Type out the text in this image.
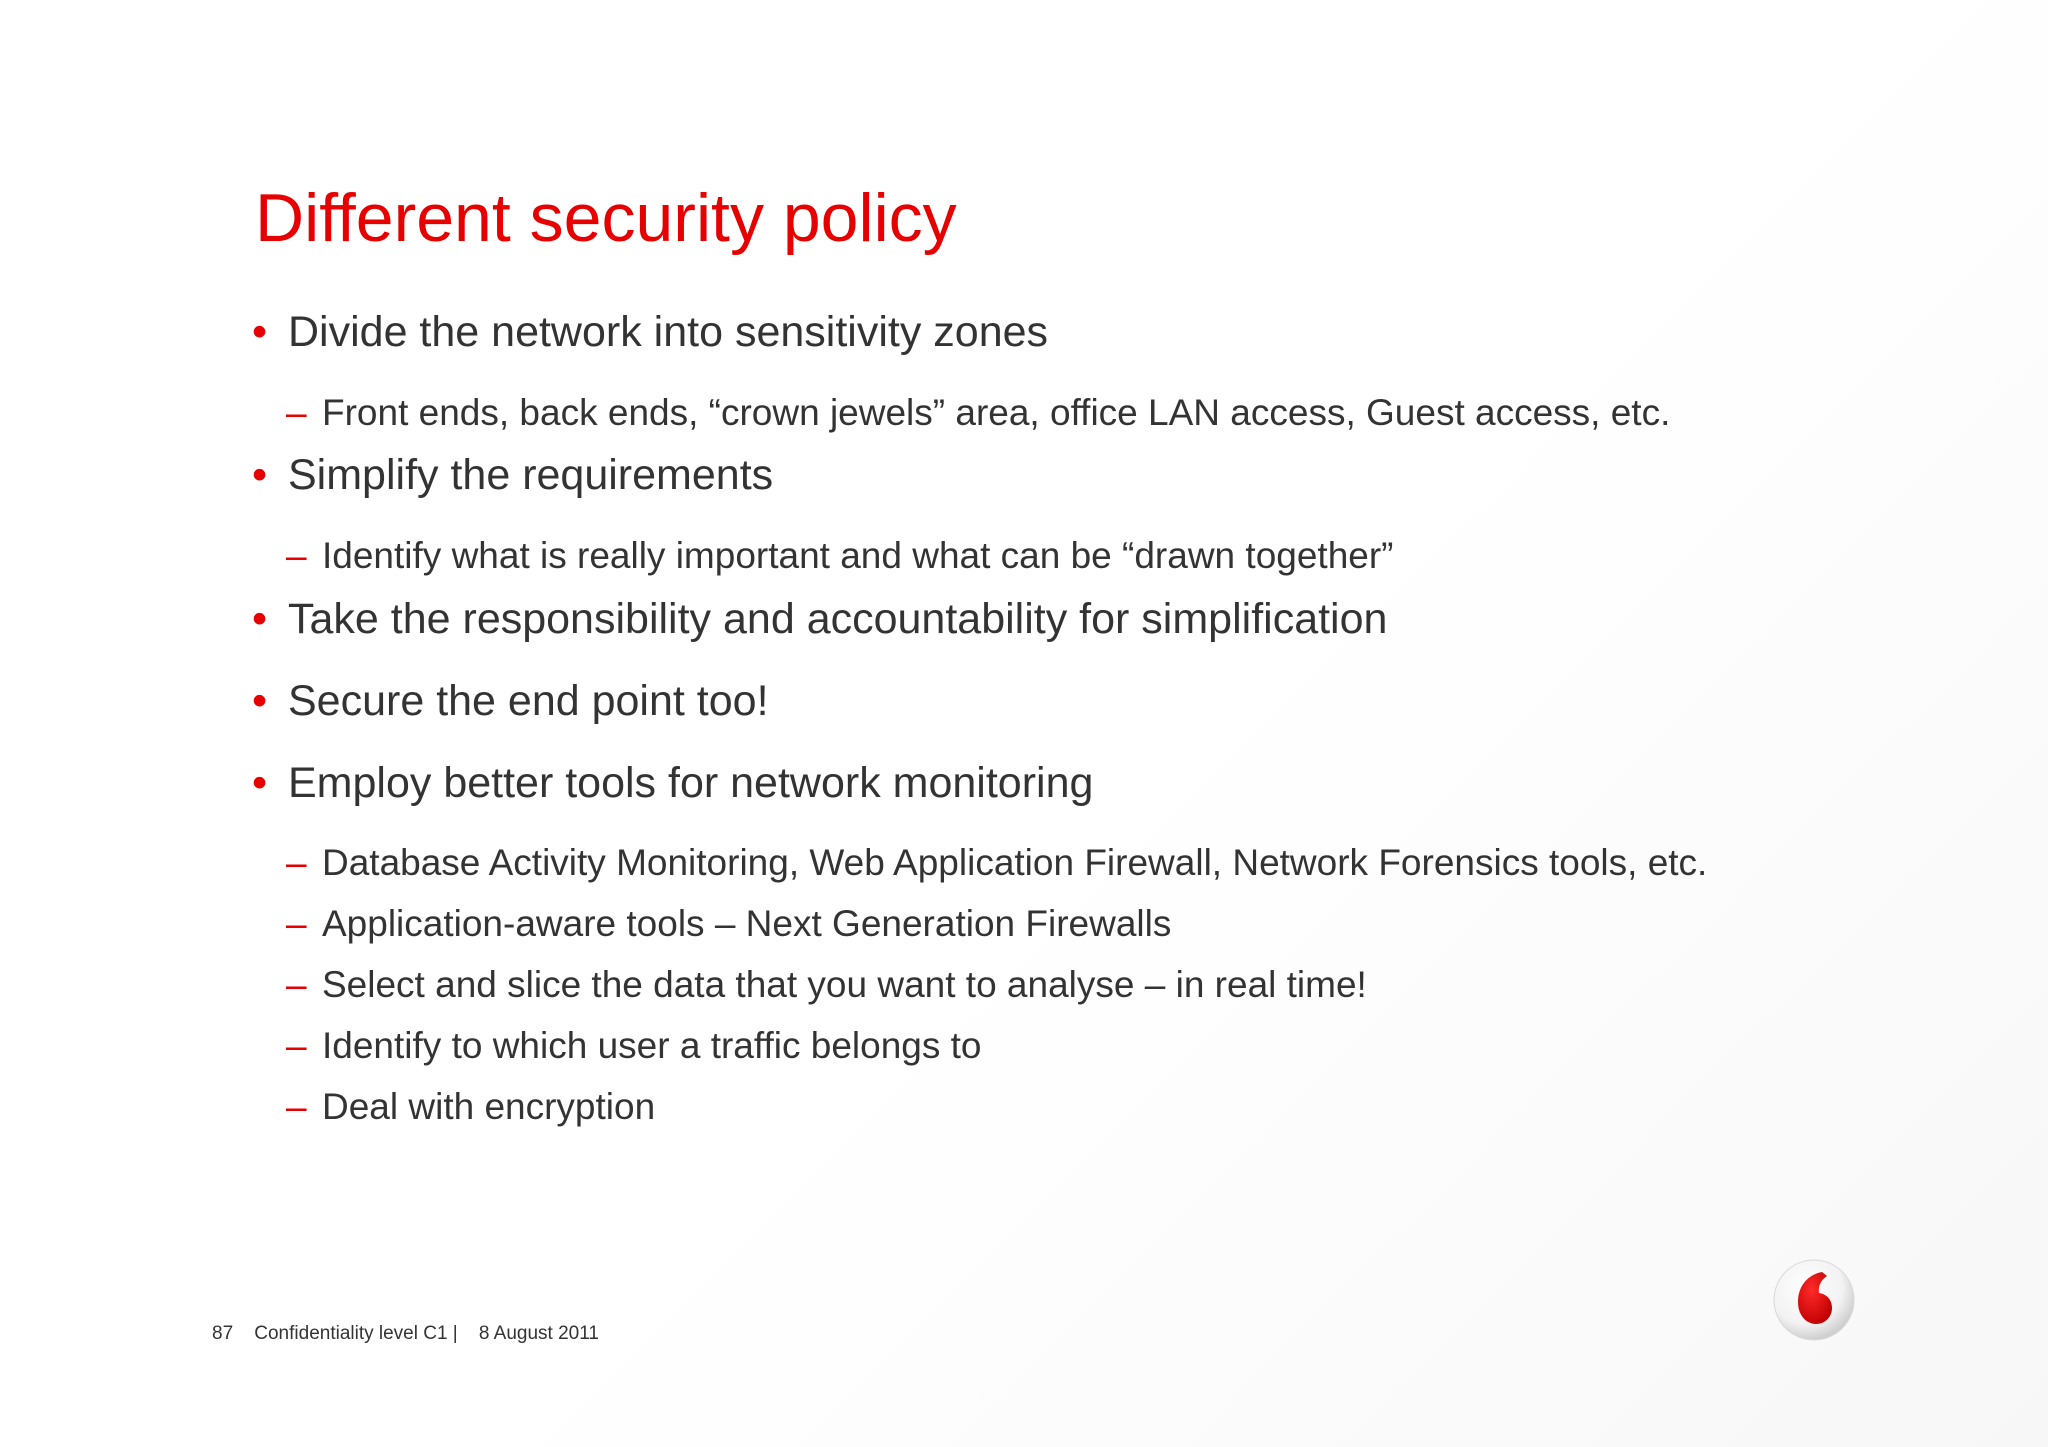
Different security policy
• Divide the network into sensitivity zones
– Front ends, back ends, “crown jewels” area, office LAN access, Guest access, etc.
• Simplify the requirements
– Identify what is really important and what can be “drawn together”
• Take the responsibility and accountability for simplification
• Secure the end point too!
• Employ better tools for network monitoring
– Database Activity Monitoring, Web Application Firewall, Network Forensics tools, etc.
– Application-aware tools – Next Generation Firewalls
– Select and slice the data that you want to analyse – in real time!
– Identify to which user a traffic belongs to
– Deal with encryption
87 Confidentiality level C1 | 8 August 2011
